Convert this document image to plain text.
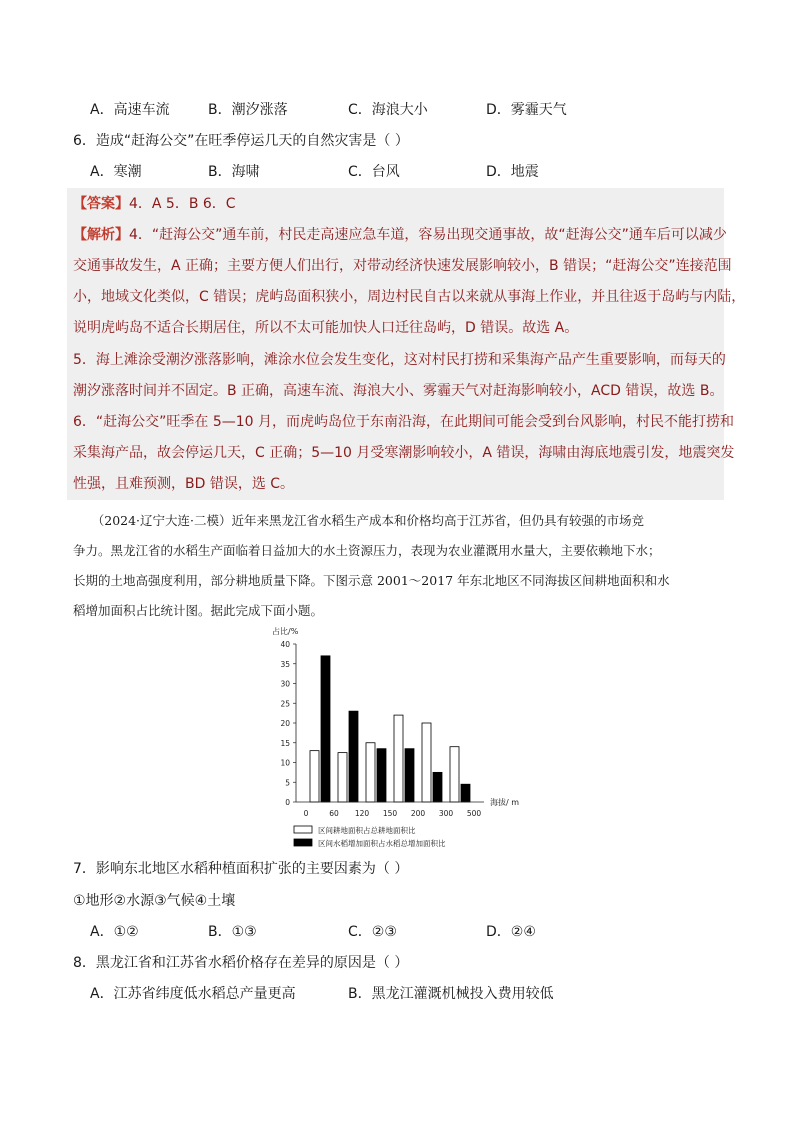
A．高速车流	B．潮汐涨落	C．海浪大小	D．雾霾天气
6．造成“赶海公交”在旺季停运几天的自然灾害是（ ）
A．寒潮	B．海啸	C．台风	D．地震
【答案】4．A 5．B 6．C
【解析】4．“赶海公交”通车前，村民走高速应急车道，容易出现交通事故，故“赶海公交”通车后可以减少
交通事故发生，A 正确；主要方便人们出行，对带动经济快速发展影响较小，B 错误；“赶海公交”连接范围
小，地域文化类似，C 错误；虎屿岛面积狭小，周边村民自古以来就从事海上作业，并且往返于岛屿与内陆，
说明虎屿岛不适合长期居住，所以不太可能加快人口迁往岛屿，D 错误。故选 A。
5．海上滩涂受潮汐涨落影响，滩涂水位会发生变化，这对村民打捞和采集海产品产生重要影响，而每天的
潮汐涨落时间并不固定。B 正确，高速车流、海浪大小、雾霾天气对赶海影响较小，ACD 错误，故选 B。
6．“赶海公交”旺季在 5—10 月，而虎屿岛位于东南沿海，在此期间可能会受到台风影响，村民不能打捞和
采集海产品，故会停运几天，C 正确；5—10 月受寒潮影响较小，A 错误，海啸由海底地震引发，地震突发
性强，且难预测，BD 错误，选 C。
　　（2024·辽宁大连·二模）近年来黑龙江省水稻生产成本和价格均高于江苏省，但仍具有较强的市场竞
争力。黑龙江省的水稻生产面临着日益加大的水土资源压力，表现为农业灌溉用水量大，主要依赖地下水；
长期的土地高强度利用，部分耕地质量下降。下图示意 2001～2017 年东北地区不同海拔区间耕地面积和水
稻增加面积占比统计图。据此完成下面小题。
占比/%
0
5
10
15
20
25
30
35
40
0	60 120 150 200 300 500
海拔/ m
区间耕地面积占总耕地面积比
区间水稻增加面积占水稻总增加面积比
7．影响东北地区水稻种植面积扩张的主要因素为（ ）
①地形②水源③气候④土壤
A．①②	B．①③	C．②③	D．②④
8．黑龙江省和江苏省水稻价格存在差异的原因是（ ）
A．江苏省纬度低水稻总产量更高	B．黑龙江灌溉机械投入费用较低
